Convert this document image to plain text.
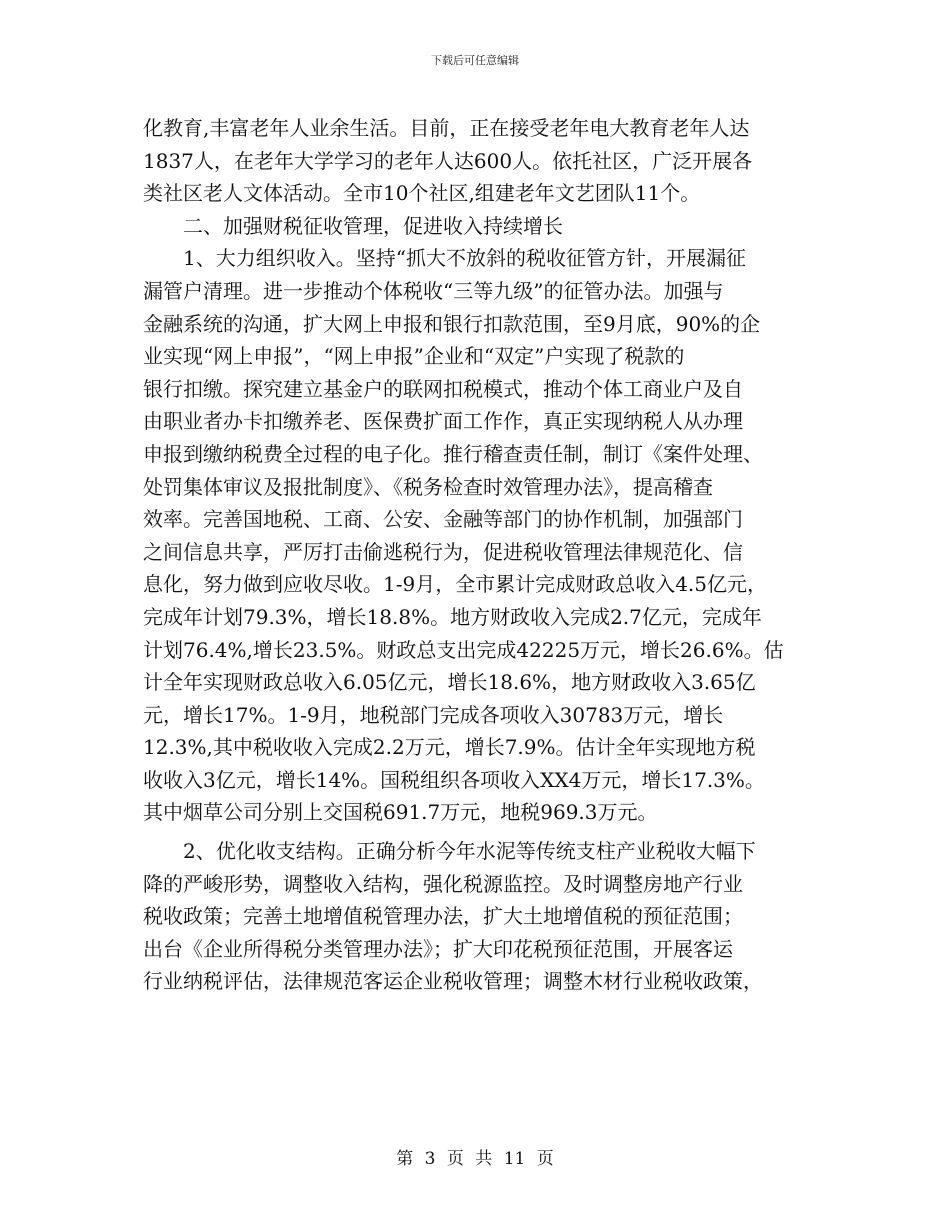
下载后可任意编辑
化教育,丰富老年人业余生活。目前，正在接受老年电大教育老年人达
1837人，在老年大学学习的老年人达600人。依托社区，广泛开展各
类社区老人文体活动。全市10个社区,组建老年文艺团队11个。
　　二、加强财税征收管理，促进收入持续增长
　　1、大力组织收入。坚持“抓大不放斜的税收征管方针，开展漏征
漏管户清理。进一步推动个体税收“三等九级”的征管办法。加强与
金融系统的沟通，扩大网上申报和银行扣款范围，至9月底，90%的企
业实现“网上申报”，“网上申报”企业和“双定”户实现了税款的
银行扣缴。探究建立基金户的联网扣税模式，推动个体工商业户及自
由职业者办卡扣缴养老、医保费扩面工作作，真正实现纳税人从办理
申报到缴纳税费全过程的电子化。推行稽查责任制，制订《案件处理、
处罚集体审议及报批制度》、《税务检查时效管理办法》，提高稽查
效率。完善国地税、工商、公安、金融等部门的协作机制，加强部门
之间信息共享，严厉打击偷逃税行为，促进税收管理法律规范化、信
息化，努力做到应收尽收。1-9月，全市累计完成财政总收入4.5亿元，
完成年计划79.3%，增长18.8%。地方财政收入完成2.7亿元，完成年
计划76.4%,增长23.5%。财政总支出完成42225万元，增长26.6%。估
计全年实现财政总收入6.05亿元，增长18.6%，地方财政收入3.65亿
元，增长17%。1-9月，地税部门完成各项收入30783万元，增长
12.3%,其中税收收入完成2.2万元，增长7.9%。估计全年实现地方税
收收入3亿元，增长14%。国税组织各项收入XX4万元，增长17.3%。
其中烟草公司分别上交国税691.7万元，地税969.3万元。
　　2、优化收支结构。正确分析今年水泥等传统支柱产业税收大幅下
降的严峻形势，调整收入结构，强化税源监控。及时调整房地产行业
税收政策；完善土地增值税管理办法，扩大土地增值税的预征范围；
出台《企业所得税分类管理办法》；扩大印花税预征范围，开展客运
行业纳税评估，法律规范客运企业税收管理；调整木材行业税收政策，
第 3 页 共 11 页
